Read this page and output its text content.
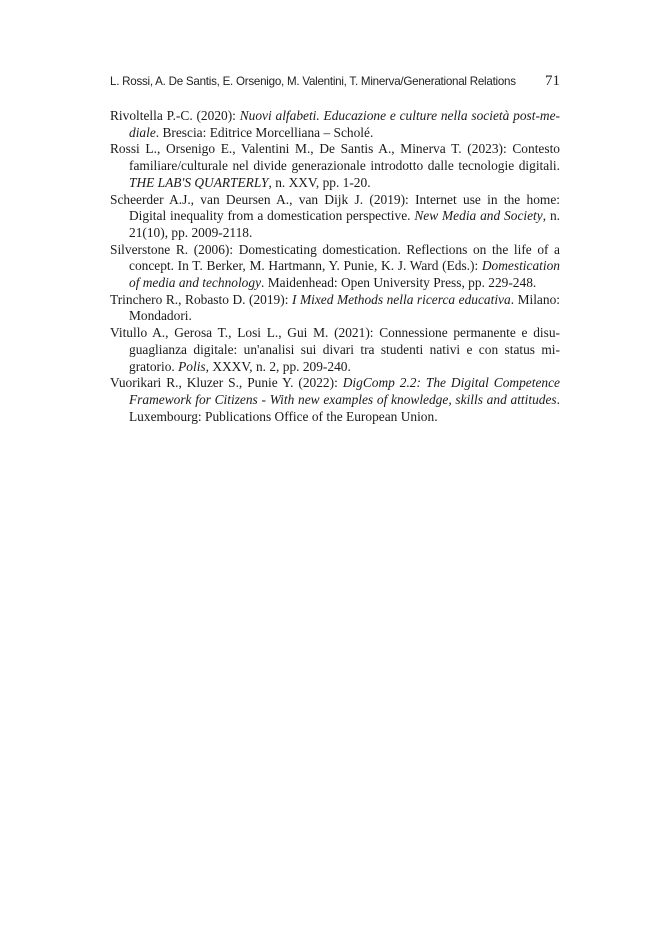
L. Rossi, A. De Santis, E. Orsenigo, M. Valentini, T. Minerva/Generational Relations 71
Rivoltella P.-C. (2020): Nuovi alfabeti. Educazione e culture nella società post-mediale. Brescia: Editrice Morcelliana – Scholé.
Rossi L., Orsenigo E., Valentini M., De Santis A., Minerva T. (2023): Contesto familiare/culturale nel divide generazionale introdotto dalle tecnologie digitali. THE LAB'S QUARTERLY, n. XXV, pp. 1-20.
Scheerder A.J., van Deursen A., van Dijk J. (2019): Internet use in the home: Digital inequality from a domestication perspective. New Media and Society, n. 21(10), pp. 2009-2118.
Silverstone R. (2006): Domesticating domestication. Reflections on the life of a concept. In T. Berker, M. Hartmann, Y. Punie, K. J. Ward (Eds.): Domestication of media and technology. Maidenhead: Open University Press, pp. 229-248.
Trinchero R., Robasto D. (2019): I Mixed Methods nella ricerca educativa. Milano: Mondadori.
Vitullo A., Gerosa T., Losi L., Gui M. (2021): Connessione permanente e disuguaglianza digitale: un'analisi sui divari tra studenti nativi e con status migratorio. Polis, XXXV, n. 2, pp. 209-240.
Vuorikari R., Kluzer S., Punie Y. (2022): DigComp 2.2: The Digital Competence Framework for Citizens - With new examples of knowledge, skills and attitudes. Luxembourg: Publications Office of the European Union.
